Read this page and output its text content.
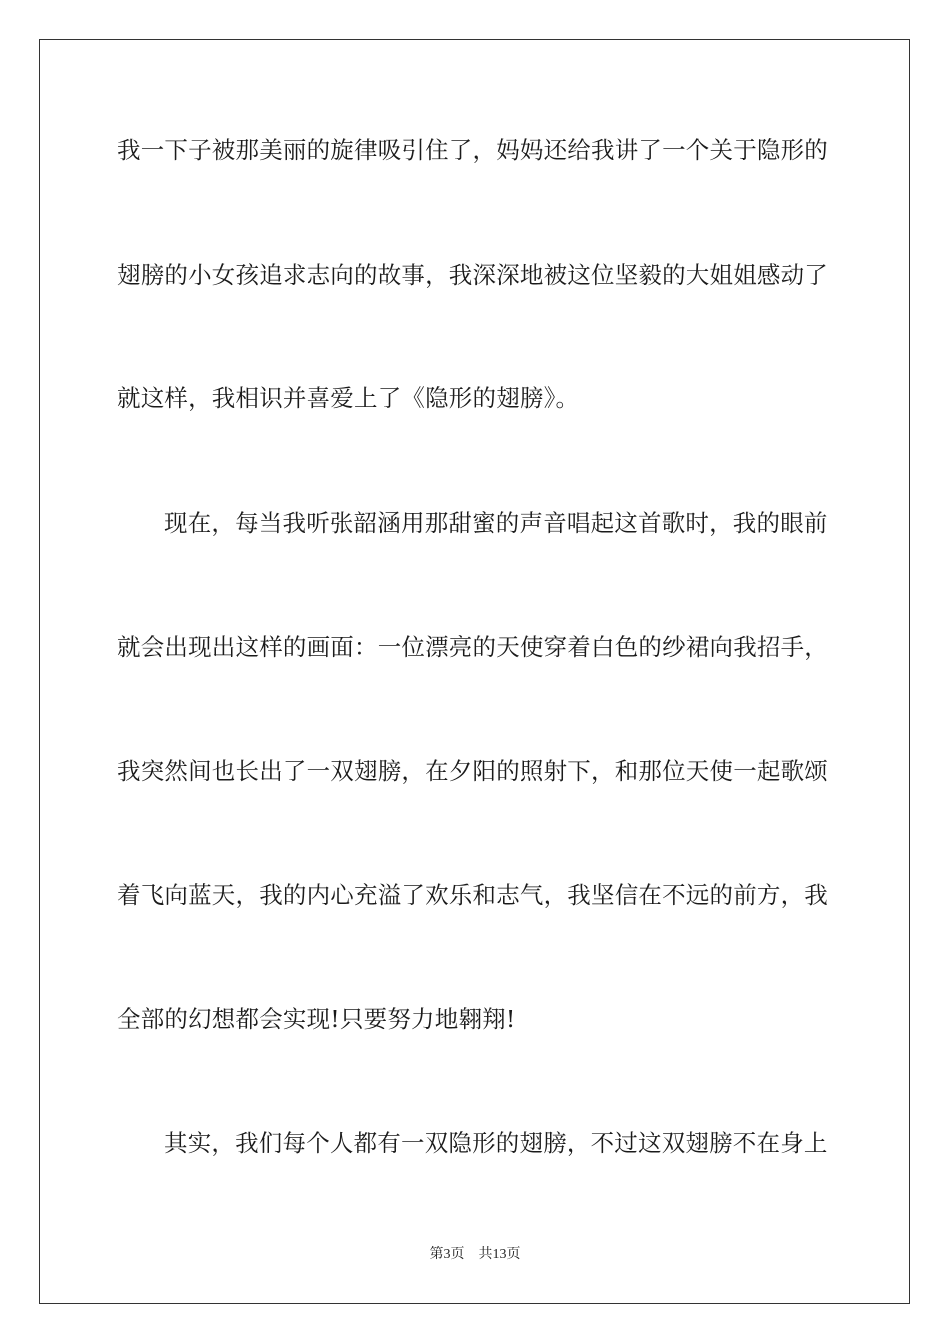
我一下子被那美丽的旋律吸引住了，妈妈还给我讲了一个关于隐形的
翅膀的小女孩追求志向的故事，我深深地被这位坚毅的大姐姐感动了
就这样，我相识并喜爱上了《隐形的翅膀》。
现在，每当我听张韶涵用那甜蜜的声音唱起这首歌时，我的眼前
就会出现出这样的画面：一位漂亮的天使穿着白色的纱裙向我招手，
我突然间也长出了一双翅膀，在夕阳的照射下，和那位天使一起歌颂
着飞向蓝天，我的内心充溢了欢乐和志气，我坚信在不远的前方，我
全部的幻想都会实现!只要努力地翱翔!
其实，我们每个人都有一双隐形的翅膀，不过这双翅膀不在身上
第3页 共13页
